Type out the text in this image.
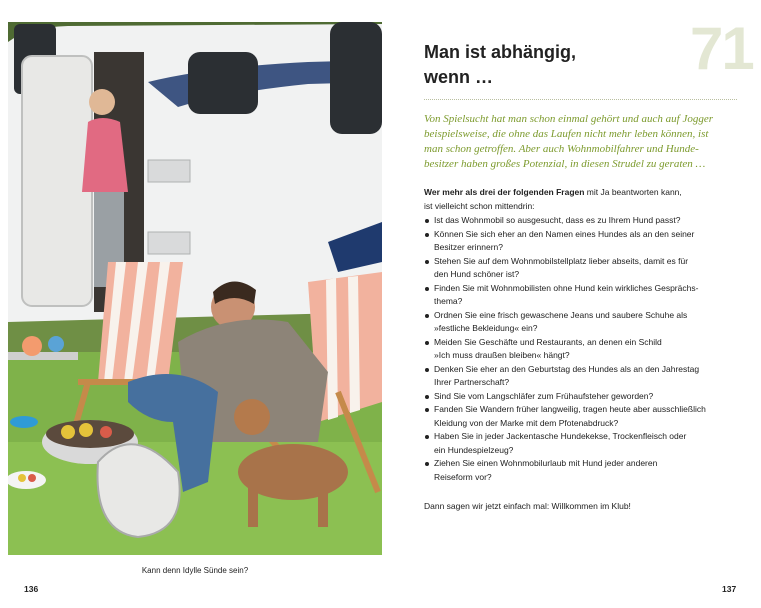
Kann denn Idylle Sünde sein?
136
71
Man ist abhängig,
wenn …
Von Spielsucht hat man schon einmal gehört und auch auf Jogger
beispielsweise, die ohne das Laufen nicht mehr leben können, ist
man schon getroffen. Aber auch Wohnmobilfahrer und Hunde-
besitzer haben großes Potenzial, in diesen Strudel zu geraten …
Wer mehr als drei der folgenden Fragen mit Ja beantworten kann,
ist vielleicht schon mittendrin:
Ist das Wohnmobil so ausgesucht, dass es zu Ihrem Hund passt?
Können Sie sich eher an den Namen eines Hundes als an den seiner
Besitzer erinnern?
Stehen Sie auf dem Wohnmobilstellplatz lieber abseits, damit es für
den Hund schöner ist?
Finden Sie mit Wohnmobilisten ohne Hund kein wirkliches Gesprächs-
thema?
Ordnen Sie eine frisch gewaschene Jeans und saubere Schuhe als
»festliche Bekleidung« ein?
Meiden Sie Geschäfte und Restaurants, an denen ein Schild
»Ich muss draußen bleiben« hängt?
Denken Sie eher an den Geburtstag des Hundes als an den Jahrestag
Ihrer Partnerschaft?
Sind Sie vom Langschläfer zum Frühaufsteher geworden?
Fanden Sie Wandern früher langweilig, tragen heute aber ausschließlich
Kleidung von der Marke mit dem Pfotenabdruck?
Haben Sie in jeder Jackentasche Hundekekse, Trockenfleisch oder
ein Hundespielzeug?
Ziehen Sie einen Wohnmobilurlaub mit Hund jeder anderen
Reiseform vor?
Dann sagen wir jetzt einfach mal: Willkommen im Klub!
137
